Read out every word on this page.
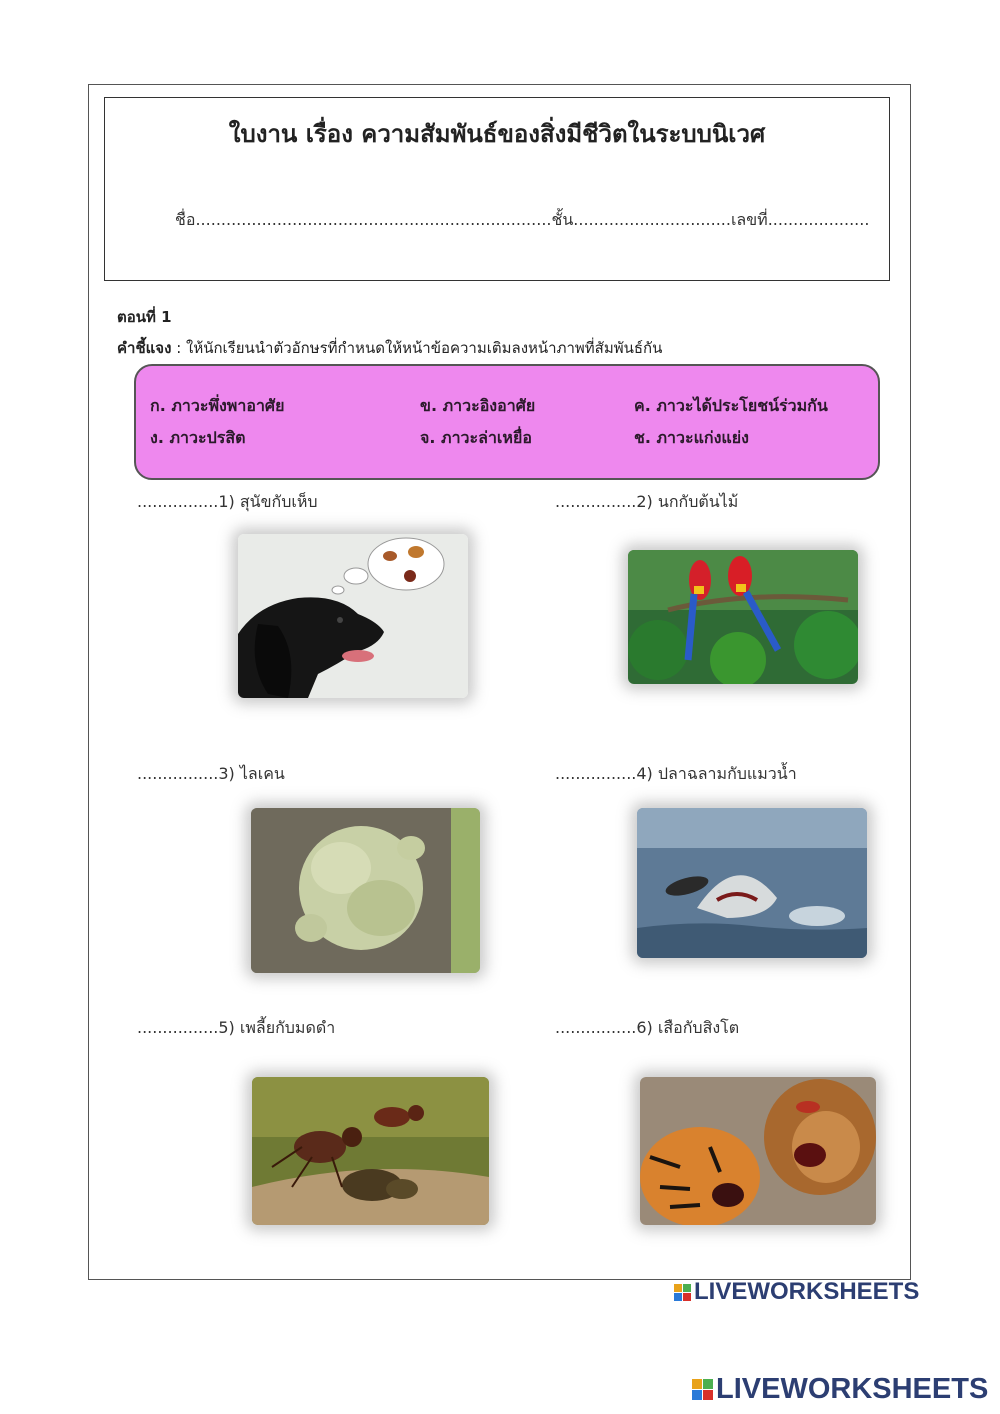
ใบงาน เรื่อง ความสัมพันธ์ของสิ่งมีชีวิตในระบบนิเวศ
ชื่อ......................................................................ชั้น...............................เลขที่....................
ตอนที่ 1
คำชี้แจง : ให้นักเรียนนำตัวอักษรที่กำหนดให้หน้าข้อความเติมลงหน้าภาพที่สัมพันธ์กัน
ก. ภาวะพึ่งพาอาศัย	ข. ภาวะอิงอาศัย	ค. ภาวะได้ประโยชน์ร่วมกัน
ง. ภาวะปรสิต	จ. ภาวะล่าเหยื่อ	ช. ภาวะแก่งแย่ง
................1) สุนัขกับเห็บ	................2) นกกับต้นไม้
................3) ไลเคน	................4) ปลาฉลามกับแมวน้ำ
................5) เพลี้ยกับมดดำ	................6) เสือกับสิงโต
LIVEWORKSHEETS
LIVEWORKSHEETS
